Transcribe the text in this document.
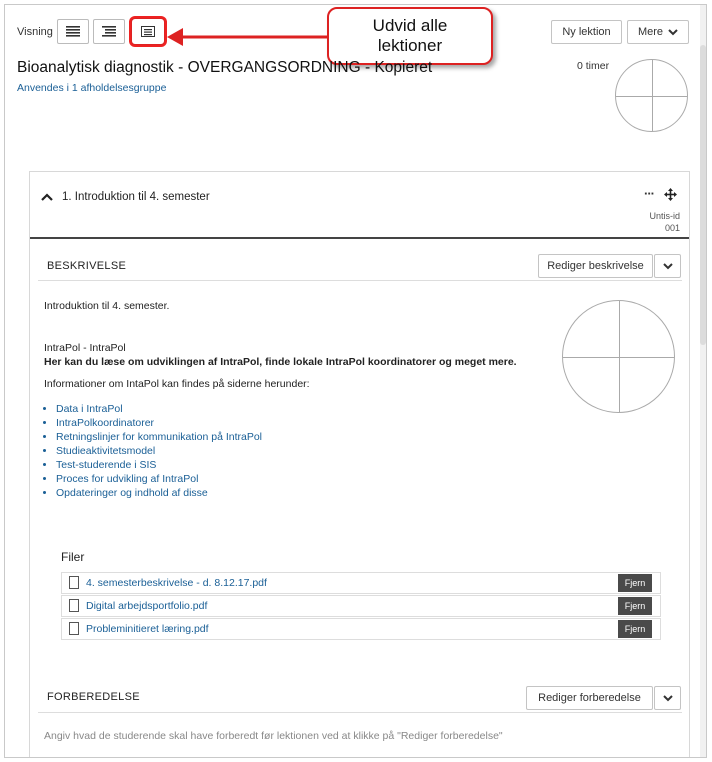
Visning	Udvid alle
lektioner
Ny lektion Mere
Bioanalytisk diagnostik - OVERGANGSORDNING - Kopieret
Anvendes i 1 afholdelsesgruppe
0 timer
1. Introduktion til 4. semester	···
Untis-id
001
BESKRIVELSE	Rediger beskrivelse
Introduktion til 4. semester.
IntraPol - IntraPol
Her kan du læse om udviklingen af IntraPol, finde lokale IntraPol koordinatorer og meget mere.
Informationer om IntaPol kan findes på siderne herunder:
• Data i IntraPol
• IntraPolkoordinatorer
• Retningslinjer for kommunikation på IntraPol
• Studieaktivitetsmodel
• Test-studerende i SIS
• Proces for udvikling af IntraPol
• Opdateringer og indhold af disse
Filer
4. semesterbeskrivelse - d. 8.12.17.pdf	Fjern
Digital arbejdsportfolio.pdf	Fjern
Probleminitieret læring.pdf	Fjern
FORBEREDELSE	Rediger forberedelse
Angiv hvad de studerende skal have forberedt før lektionen ved at klikke på "Rediger forberedelse"
